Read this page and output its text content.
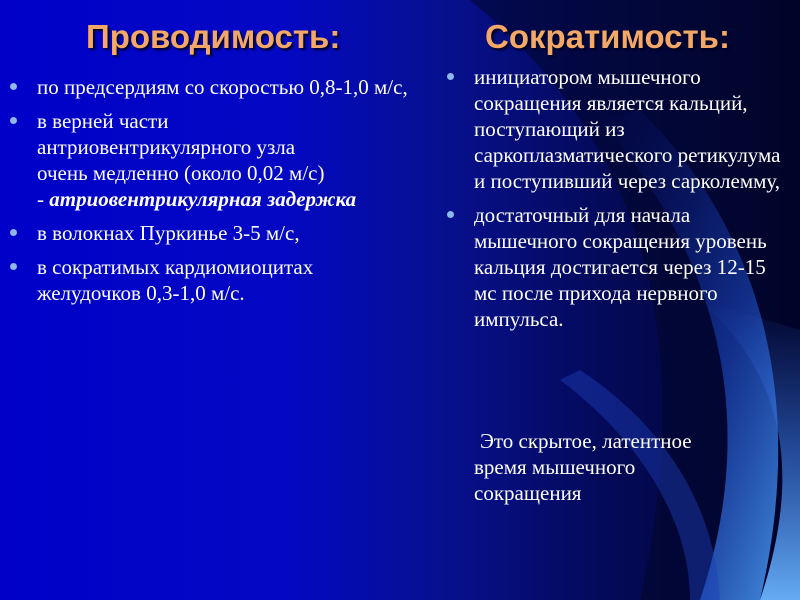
Проводимость:	Сократимость:
по предсердиям со скоростью 0,8-1,0 м/с,
в верней части
антриовентрикулярного узла
очень медленно (около 0,02 м/с)
- атриовентрикулярная задержка
в волокнах Пуркинье 3-5 м/с,
в сократимых кардиомиоцитах желудочков 0,3-1,0 м/с.
инициатором мышечного сокращения является кальций, поступающий из саркоплазматического ретикулума и поступивший через сарколемму,
достаточный для начала мышечного сокращения уровень кальция достигается через 12-15 мс после прихода нервного импульса.

Это скрытое, латентное
время мышечного
сокращения
